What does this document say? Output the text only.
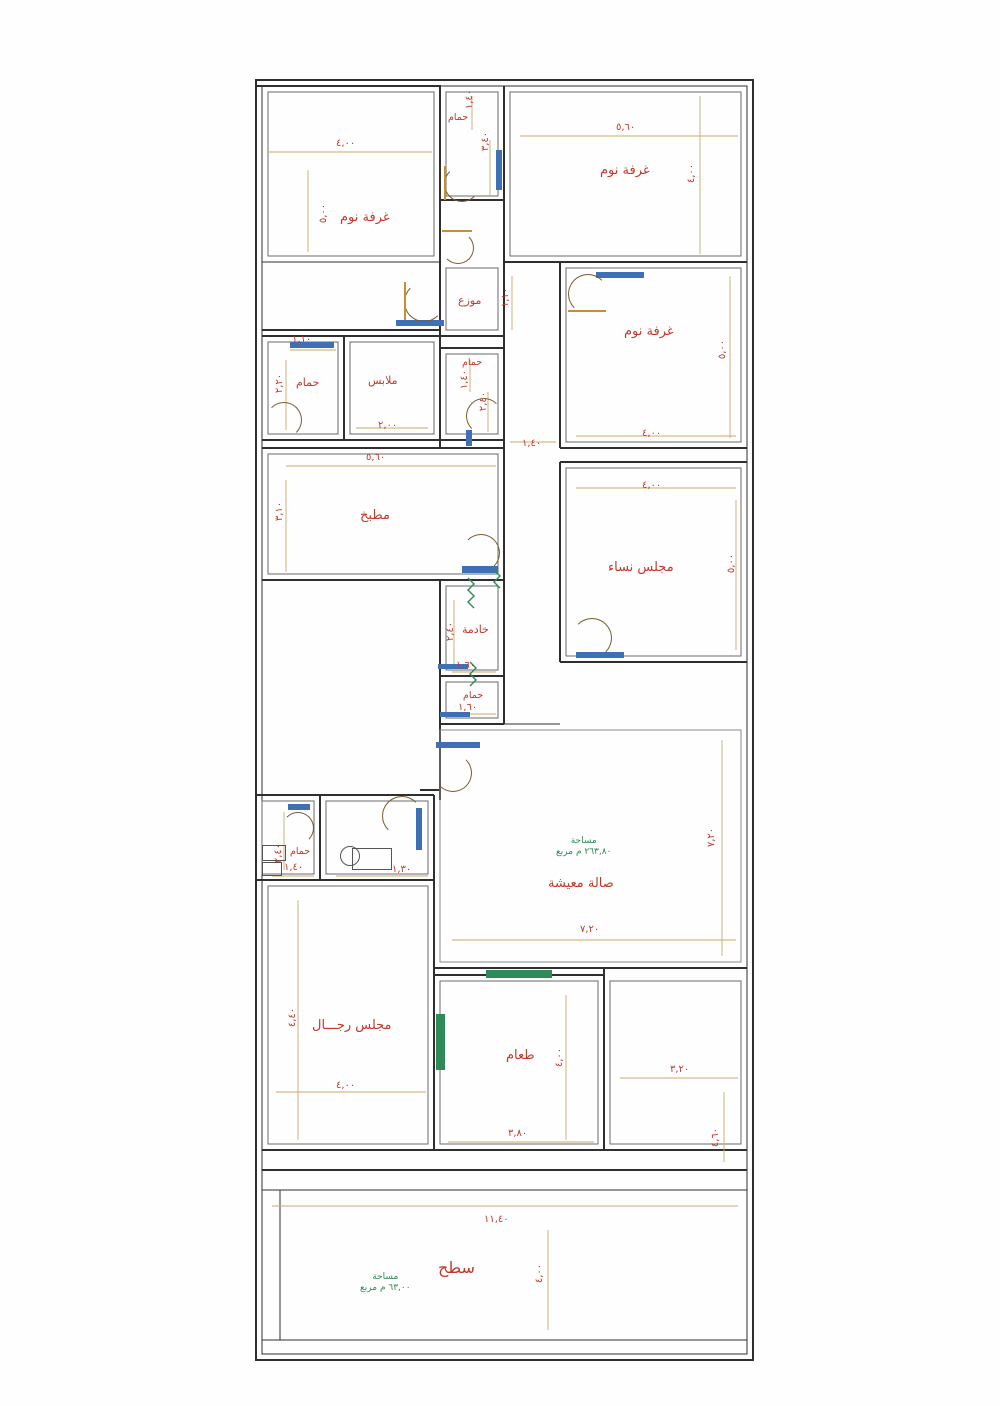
غرفة نوم
غرفة نوم
حمام
موزع
حمام	ملابس
حمام
غرفة نوم
مطبخ
مجلس نساء
خادمة
حمام
حمام
صالة معيشة
مجلس رجـــال
طعام
سطح
مساحة
٢٦٣,٨٠ م مربع
مساحة
٦٣,٠٠ م مربع
٤,٠٠
١,٤٠
٣,٤٠
٥,٦٠
٤,٠٠
٥,٠٠
١,١٠
٢,٢٠
٢,٠٠
١,١٠
١,٤٠
٢,٤٠
١,٤٠
٥,٠٠
٤,٠٠
٥,٦٠
٣,١٠
٤,٠٠
٥,٠٠
٢,٤٠
١,٦٠
١,٦٠
٢,٤٠
١,٤٠	١,٣٠
٧,٢٠
٧,٢٠
٤,٤٠
٤,٠٠
٤,٠٠
٣,٨٠
٣,٢٠
٤,٦٠
١١,٤٠
٤,٠٠
